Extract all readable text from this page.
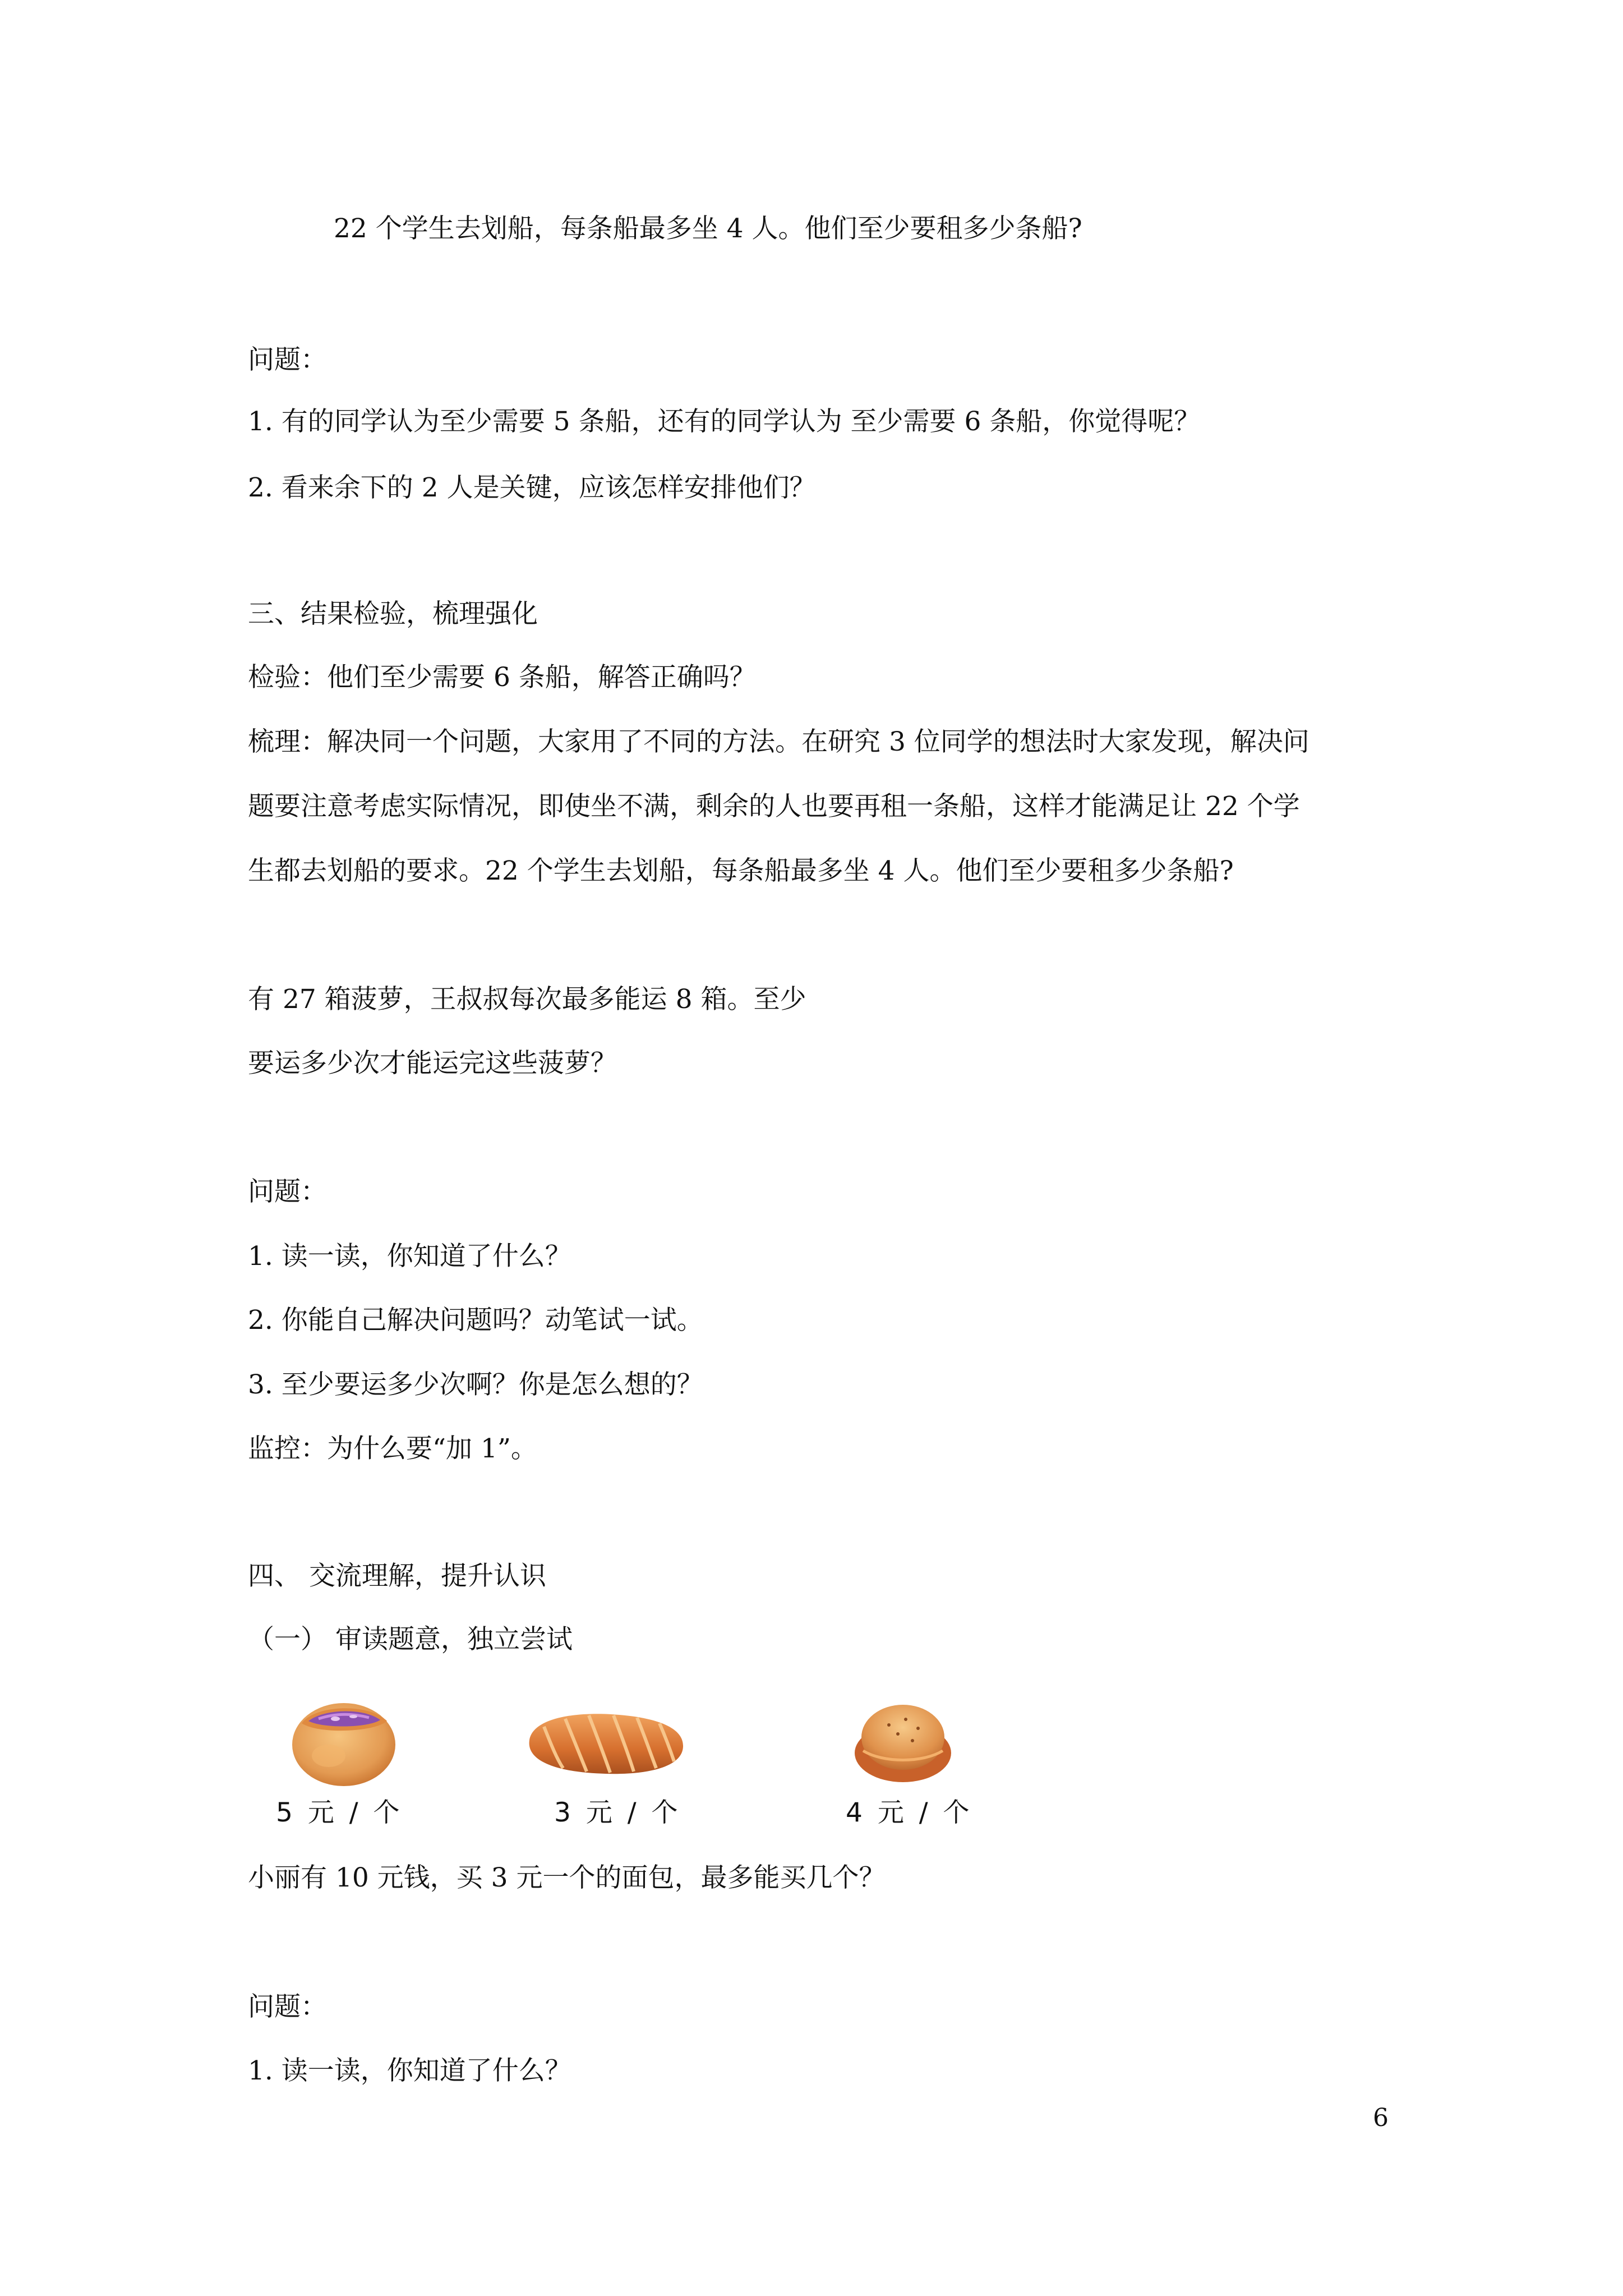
22 个学生去划船，每条船最多坐 4 人。他们至少要租多少条船?

问题：

1. 有的同学认为至少需要 5 条船，还有的同学认为 至少需要 6 条船，你觉得呢？

2. 看来余下的 2 人是关键，应该怎样安排他们？

三、结果检验，梳理强化

检验：他们至少需要 6 条船，解答正确吗？

梳理：解决同一个问题，大家用了不同的方法。在研究 3 位同学的想法时大家发现，解决问

题要注意考虑实际情况，即使坐不满，剩余的人也要再租一条船，这样才能满足让 22 个学

生都去划船的要求。22 个学生去划船，每条船最多坐 4 人。他们至少要租多少条船?

有 27 箱菠萝，王叔叔每次最多能运 8 箱。至少

要运多少次才能运完这些菠萝？

问题：

1. 读一读，你知道了什么？

2. 你能自己解决问题吗？动笔试一试。

3. 至少要运多少次啊？你是怎么想的？

监控：为什么要“加 1”。

四、 交流理解，提升认识

（一） 审读题意，独立尝试

5 元 / 个	3 元 / 个	4 元 / 个

小丽有 10 元钱，买 3 元一个的面包，最多能买几个？

问题：

1. 读一读，你知道了什么？

6
